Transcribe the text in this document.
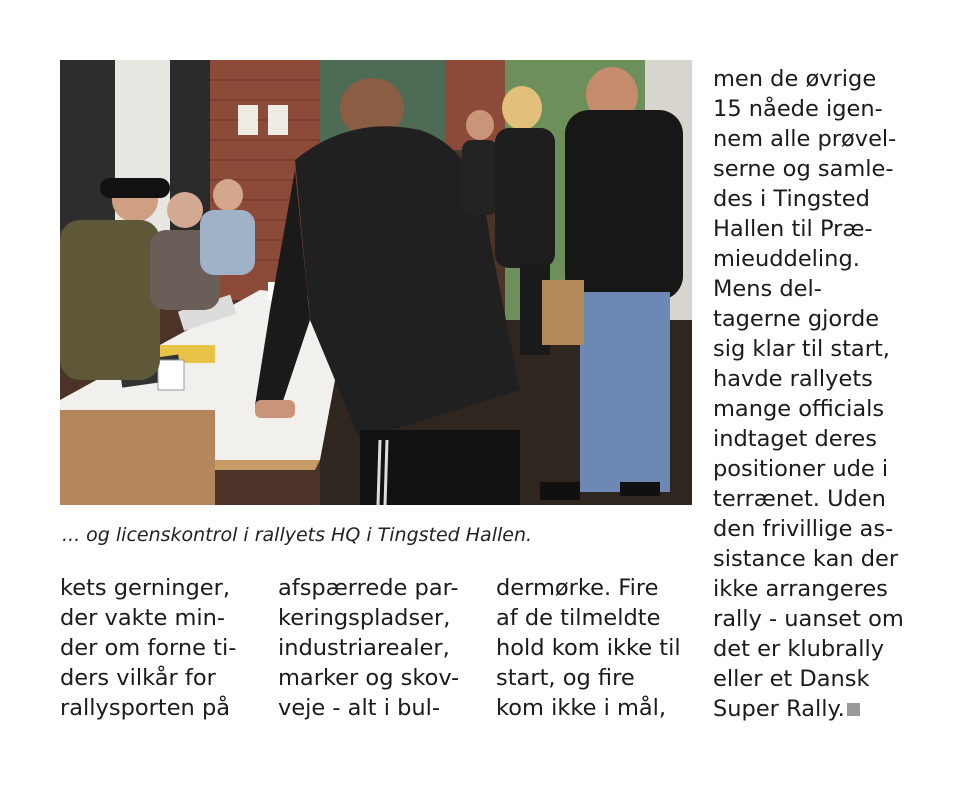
... og licenskontrol i rallyets HQ i Tingsted Hallen.
kets gerninger,
der vakte min-
der om forne ti-
ders vilkår for
rallysporten på
afspærrede par-
keringspladser,
industriarealer,
marker og skov-
veje - alt i bul-
dermørke. Fire
af de tilmeldte
hold kom ikke til
start, og fire
kom ikke i mål,
men de øvrige
15 nåede igen-
nem alle prøvel-
serne og samle-
des i Tingsted
Hallen til Præ-
mieuddeling.
Mens del-
tagerne gjorde
sig klar til start,
havde rallyets
mange officials
indtaget deres
positioner ude i
terrænet. Uden
den frivillige as-
sistance kan der
ikke arrangeres
rally - uanset om
det er klubrally
eller et Dansk
Super Rally.
